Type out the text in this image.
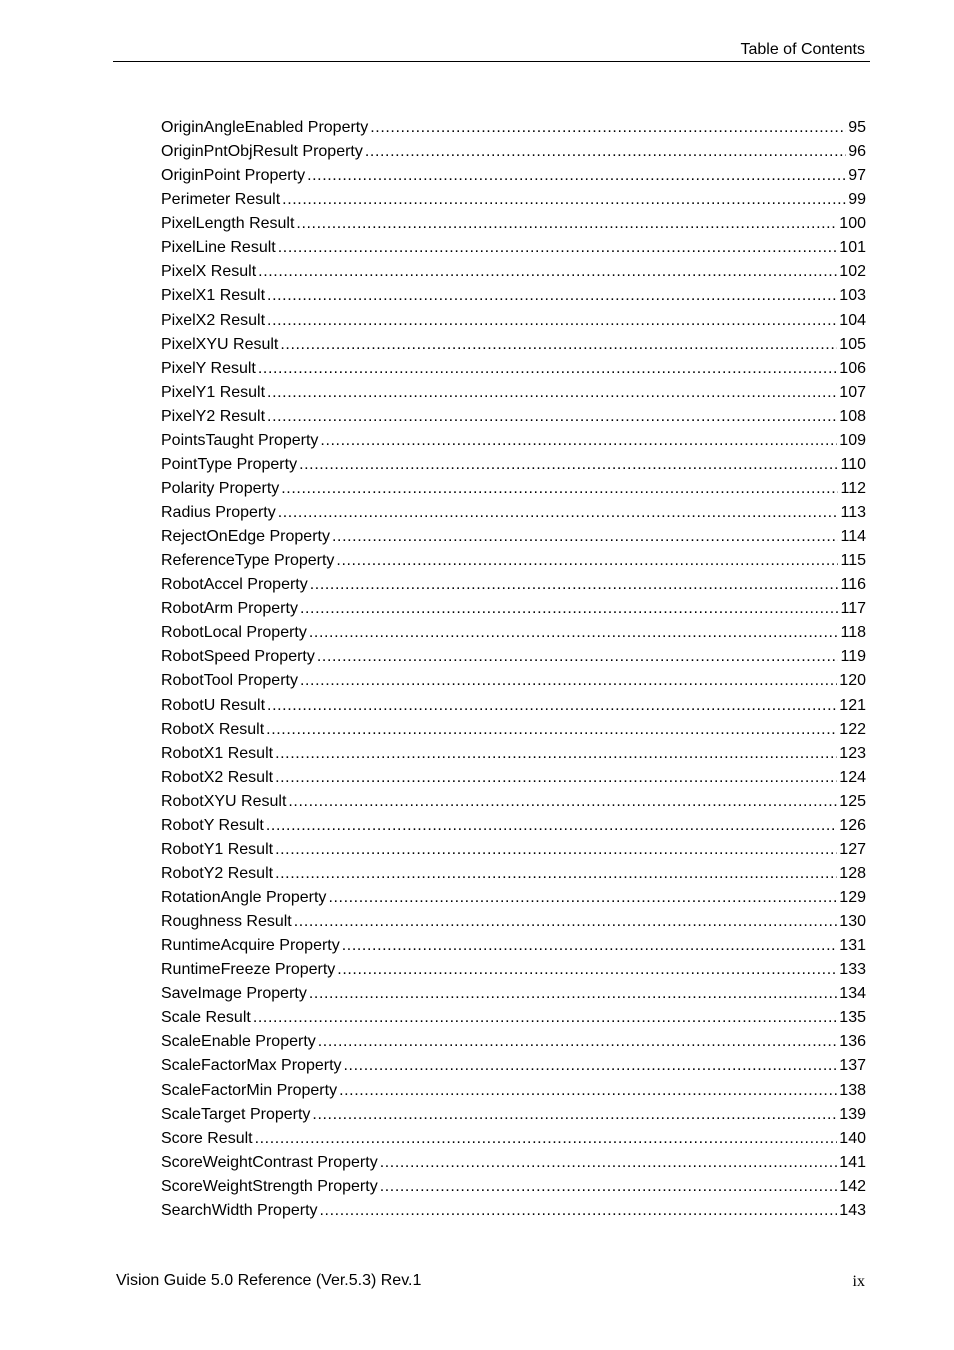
Table of Contents
OriginAngleEnabled Property .....	95
OriginPntObjResult Property .....	96
OriginPoint Property .....	97
Perimeter Result .....	99
PixelLength Result .....	100
PixelLine Result .....	101
PixelX Result .....	102
PixelX1 Result .....	103
PixelX2 Result .....	104
PixelXYU Result .....	105
PixelY Result .....	106
PixelY1 Result .....	107
PixelY2 Result .....	108
PointsTaught Property .....	109
PointType Property .....	110
Polarity Property .....	112
Radius Property .....	113
RejectOnEdge Property .....	114
ReferenceType Property .....	115
RobotAccel Property .....	116
RobotArm Property .....	117
RobotLocal Property .....	118
RobotSpeed Property .....	119
RobotTool Property .....	120
RobotU Result .....	121
RobotX Result .....	122
RobotX1 Result .....	123
RobotX2 Result .....	124
RobotXYU Result .....	125
RobotY Result .....	126
RobotY1 Result .....	127
RobotY2 Result .....	128
RotationAngle Property .....	129
Roughness Result .....	130
RuntimeAcquire Property .....	131
RuntimeFreeze Property .....	133
SaveImage Property .....	134
Scale Result .....	135
ScaleEnable Property .....	136
ScaleFactorMax Property .....	137
ScaleFactorMin Property .....	138
ScaleTarget Property .....	139
Score Result .....	140
ScoreWeightContrast Property .....	141
ScoreWeightStrength Property .....	142
SearchWidth Property .....	143
Vision Guide 5.0 Reference (Ver.5.3) Rev.1	ix
